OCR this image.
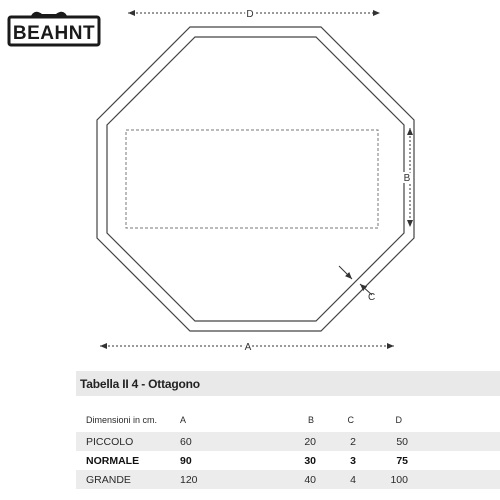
BEAHNT
D
B
C
A
Tabella II 4 - Ottagono
Dimensioni in cm.	A	B	C	D
PICCOLO	60	20	2	50
NORMALE	90	30	3	75
GRANDE	120	40	4	100
